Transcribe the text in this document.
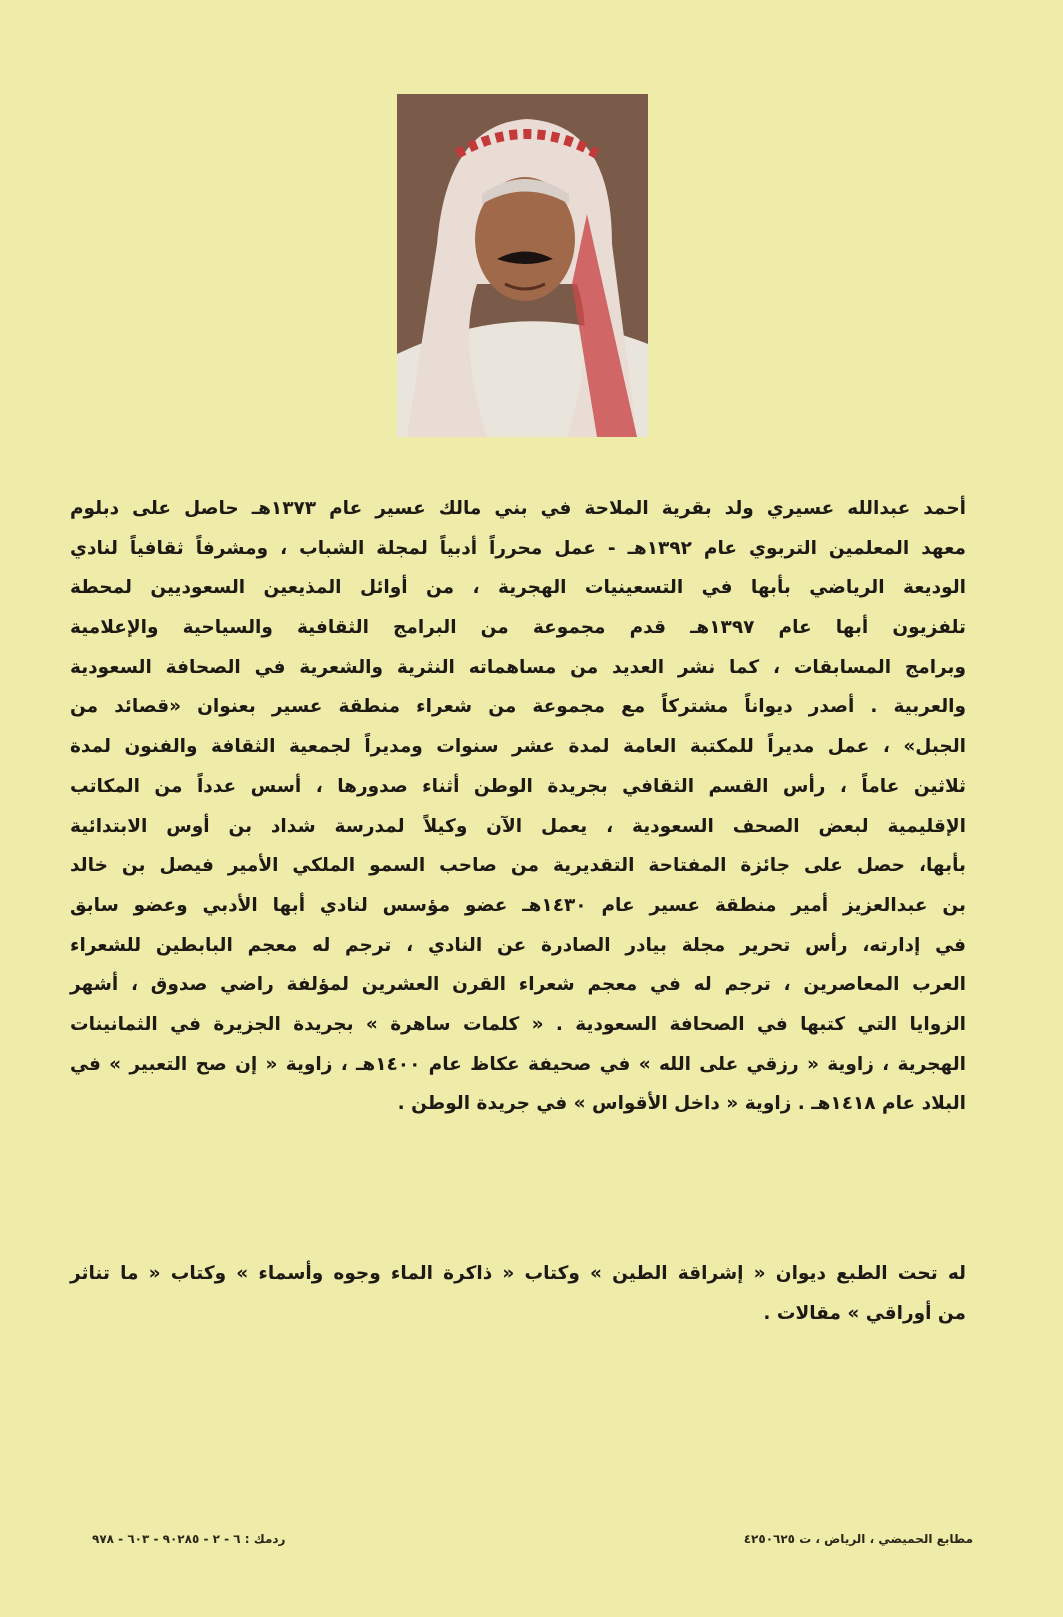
أحمد عبدالله عسيري ولد بقرية الملاحة في بني مالك عسير عام ١٣٧٣هـ حاصل على دبلوم
معهد المعلمين التربوي عام ١٣٩٢هـ - عمل محرراً أدبياً لمجلة الشباب ، ومشرفاً ثقافياً لنادي
الوديعة الرياضي بأبها في التسعينيات الهجرية ، من أوائل المذيعين السعوديين لمحطة
تلفزيون أبها عام ١٣٩٧هـ قدم مجموعة من البرامج الثقافية والسياحية والإعلامية
وبرامج المسابقات ، كما نشر العديد من مساهماته النثرية والشعرية في الصحافة السعودية
والعربية . أصدر ديواناً مشتركاً مع مجموعة من شعراء منطقة عسير بعنوان «قصائد من
الجبل» ، عمل مديراً للمكتبة العامة لمدة عشر سنوات ومديراً لجمعية الثقافة والفنون لمدة
ثلاثين عاماً ، رأس القسم الثقافي بجريدة الوطن أثناء صدورها ، أسس عدداً من المكاتب
الإقليمية لبعض الصحف السعودية ، يعمل الآن وكيلاً لمدرسة شداد بن أوس الابتدائية
بأبها، حصل على جائزة المفتاحة التقديرية من صاحب السمو الملكي الأمير فيصل بن خالد
بن عبدالعزيز أمير منطقة عسير عام ١٤٣٠هـ عضو مؤسس لنادي أبها الأدبي وعضو سابق
في إدارته، رأس تحرير مجلة بيادر الصادرة عن النادي ، ترجم له معجم البابطين للشعراء
العرب المعاصرين ، ترجم له في معجم شعراء القرن العشرين لمؤلفة راضي صدوق ، أشهر
الزوايا التي كتبها في الصحافة السعودية . « كلمات ساهرة » بجريدة الجزيرة في الثمانينات
الهجرية ، زاوية « رزقي على الله » في صحيفة عكاظ عام ١٤٠٠هـ ، زاوية « إن صح التعبير » في
البلاد عام ١٤١٨هـ . زاوية « داخل الأقواس » في جريدة الوطن .
له تحت الطبع ديوان « إشراقة الطين » وكتاب « ذاكرة الماء وجوه وأسماء » وكتاب « ما تناثر
من أوراقي » مقالات .
مطابع الحميضي ، الرياض ، ت ٤٢٥٠٦٢٥
ردمك : ٦ - ٢ - ٩٠٢٨٥ - ٦٠٣ - ٩٧٨
